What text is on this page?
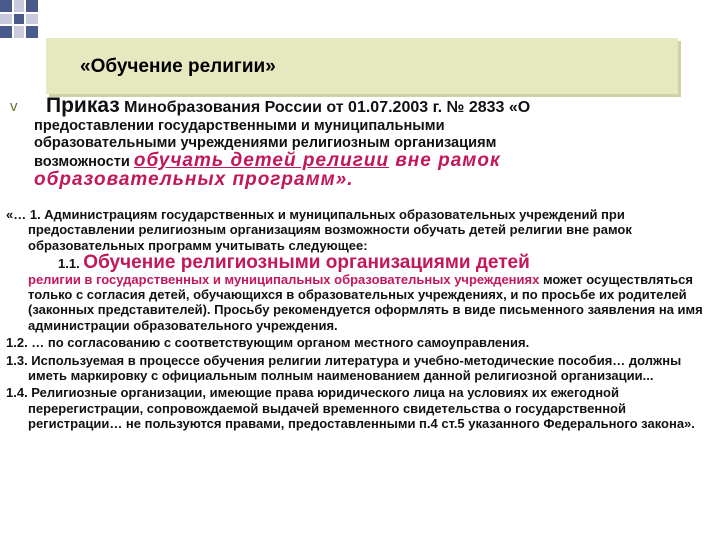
«Обучение религии»
v Приказ Минобразования России от 01.07.2003 г. № 2833 «О
предоставлении государственными и муниципальными
образовательными учреждениями религиозным организациям
возможности обучать детей религии вне рамок
образовательных программ».

«… 1. Администрациям государственных и муниципальных образовательных учреждений при предоставлении религиозным организациям возможности обучать детей религии вне рамок образовательных программ учитывать следующее:

1.1. Обучение религиозными организациями детей

религии в государственных и муниципальных образовательных учреждениях может осуществляться только с согласия детей, обучающихся в образовательных учреждениях, и по просьбе их родителей (законных представителей). Просьбу рекомендуется оформлять в виде письменного заявления на имя администрации образовательного учреждения.

1.2. … по согласованию с соответствующим органом местного самоуправления.

1.3. Используемая в процессе обучения религии литература и учебно-методические пособия… должны иметь маркировку с официальным полным наименованием данной религиозной организации...

1.4. Религиозные организации, имеющие права юридического лица на условиях их ежегодной перерегистрации, сопровождаемой выдачей временного свидетельства о государственной регистрации… не пользуются правами, предоставленными п.4 ст.5 указанного Федерального закона».
